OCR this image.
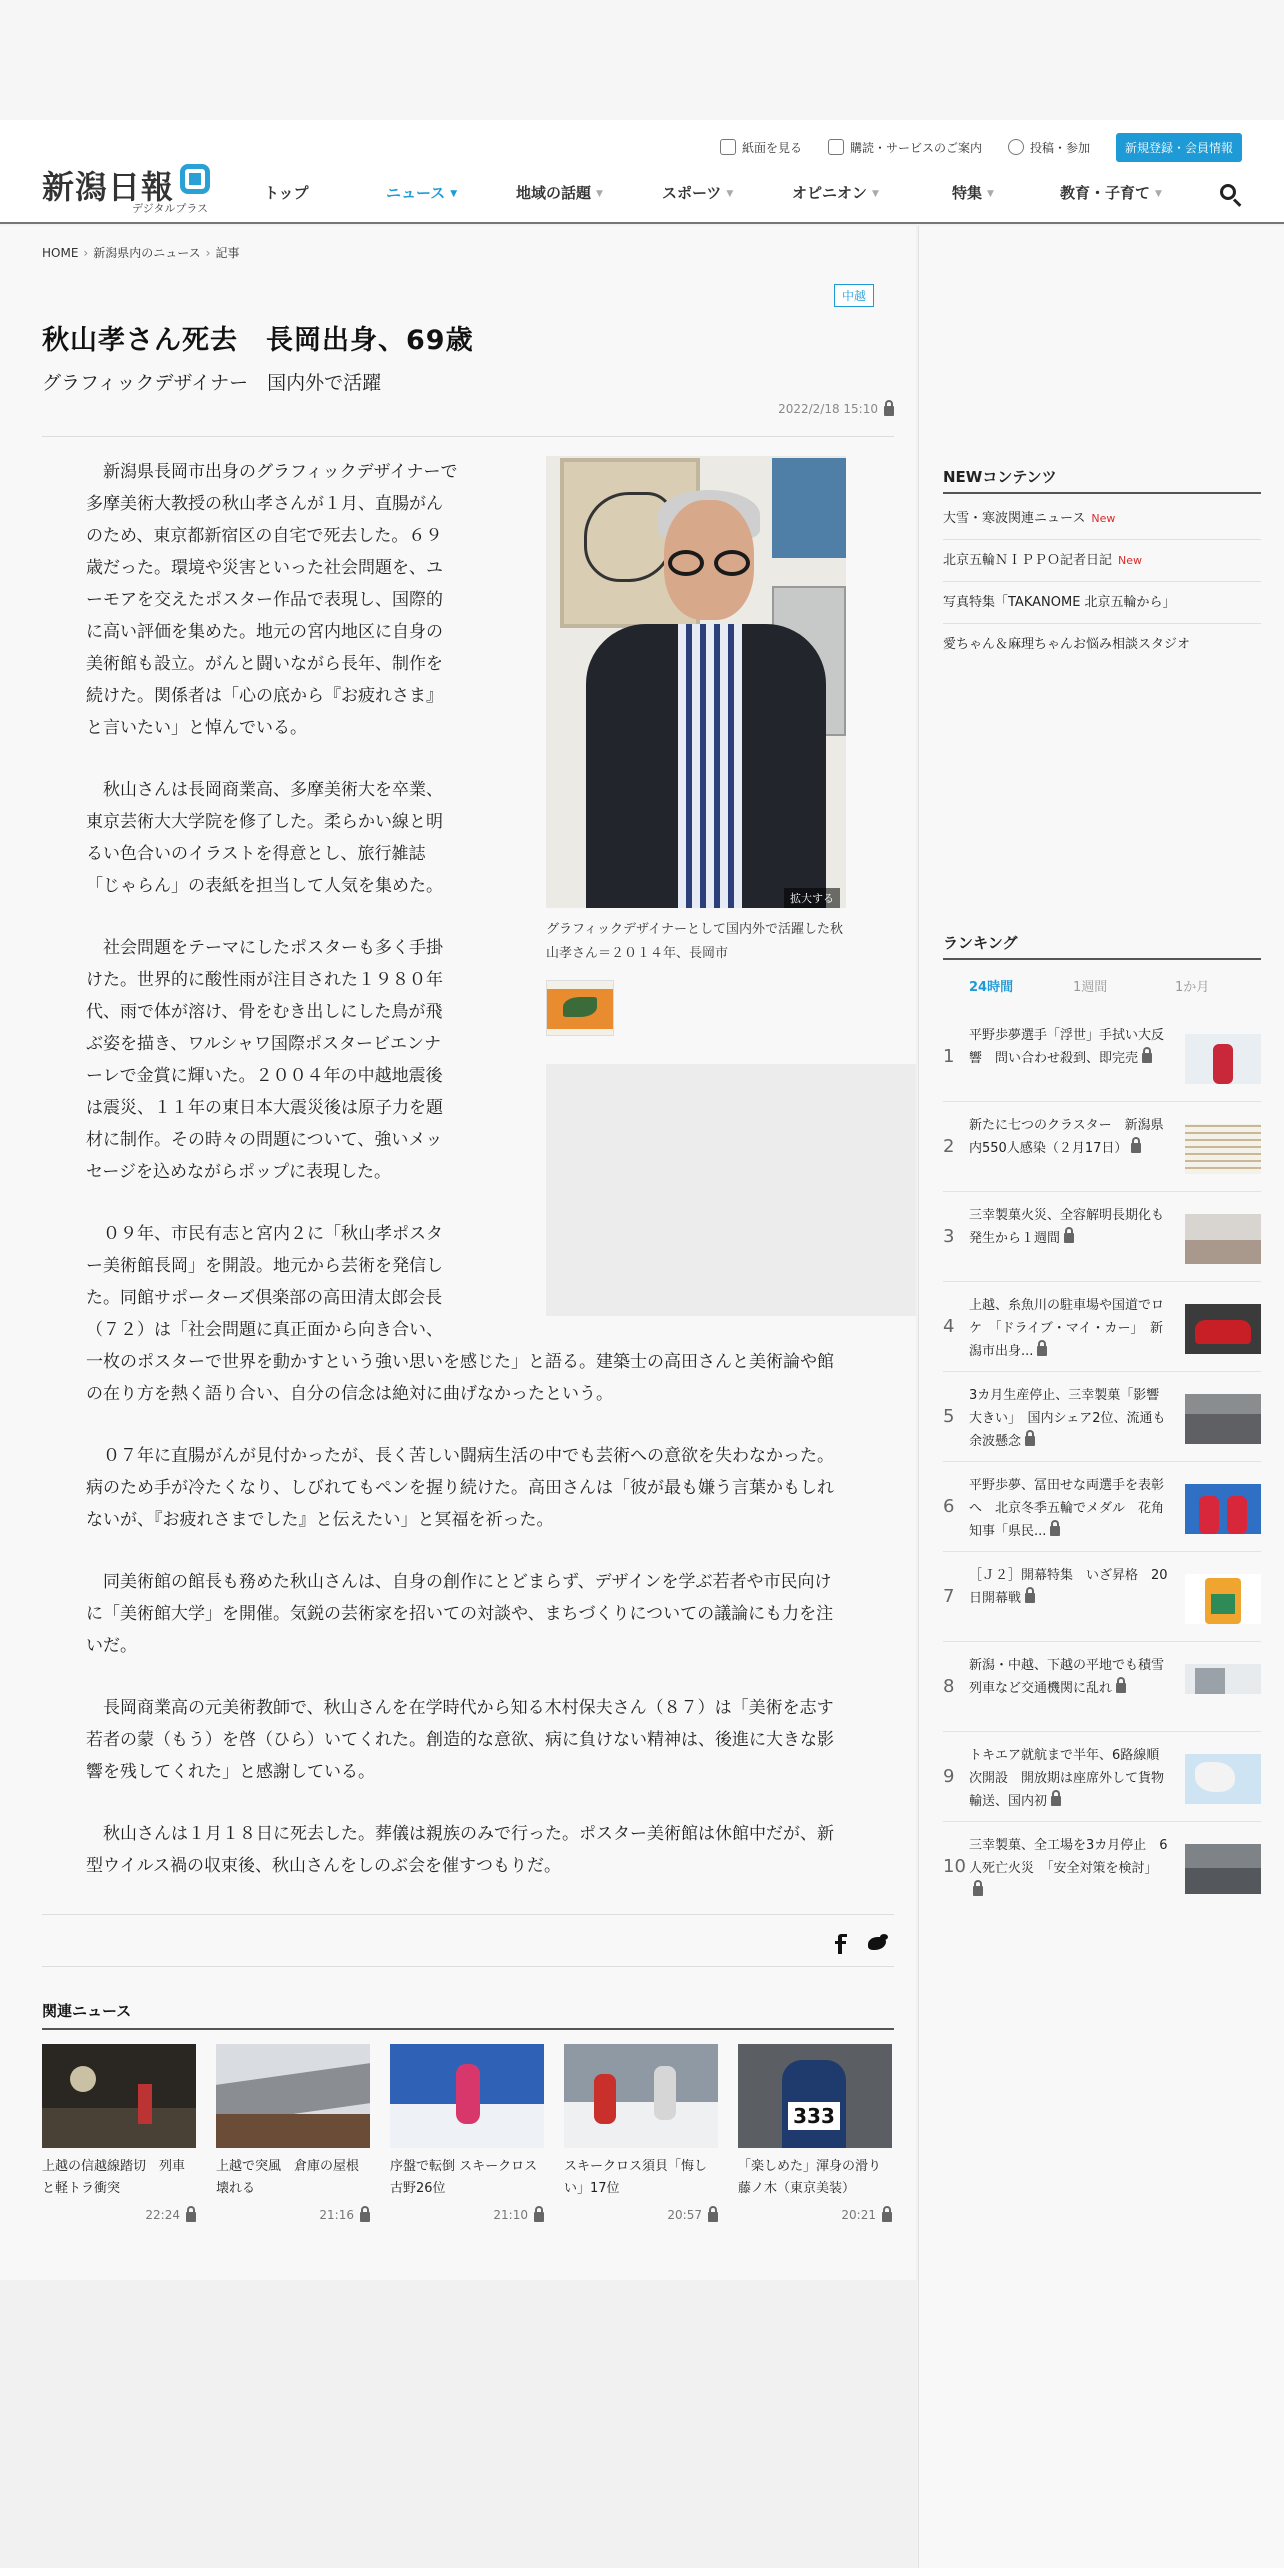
新潟日報
デジタルプラス
紙面を見る	購読・サービスのご案内	投稿・参加	新規登録・会員情報
トップ	ニュース ▼	地域の話題 ▼	スポーツ ▼	オピニオン ▼	特集 ▼	教育・子育て ▼
HOME › 新潟県内のニュース › 記事
中越
秋山孝さん死去　長岡出身、69歳
グラフィックデザイナー　国内外で活躍
2022/2/18 15:10

新潟県長岡市出身のグラフィックデザイナーで多摩美術大教授の秋山孝さんが１月、直腸がんのため、東京都新宿区の自宅で死去した。６９歳だった。環境や災害といった社会問題を、ユーモアを交えたポスター作品で表現し、国際的に高い評価を集めた。地元の宮内地区に自身の美術館も設立。がんと闘いながら長年、制作を続けた。関係者は「心の底から『お疲れさま』と言いたい」と悼んでいる。

秋山さんは長岡商業高、多摩美術大を卒業、東京芸術大大学院を修了した。柔らかい線と明るい色合いのイラストを得意とし、旅行雑誌「じゃらん」の表紙を担当して人気を集めた。

社会問題をテーマにしたポスターも多く手掛けた。世界的に酸性雨が注目された１９８０年代、雨で体が溶け、骨をむき出しにした鳥が飛ぶ姿を描き、ワルシャワ国際ポスタービエンナーレで金賞に輝いた。２００４年の中越地震後は震災、１１年の東日本大震災後は原子力を題材に制作。その時々の問題について、強いメッセージを込めながらポップに表現した。

０９年、市民有志と宮内２に「秋山孝ポスター美術館長岡」を開設。地元から芸術を発信した。同館サポーターズ倶楽部の高田清太郎会長（７２）は「社会問題に真正面から向き合い、一枚のポスターで世界を動かすという強い思いを感じた」と語る。建築士の高田さんと美術論や館の在り方を熱く語り合い、自分の信念は絶対に曲げなかったという。

０７年に直腸がんが見付かったが、長く苦しい闘病生活の中でも芸術への意欲を失わなかった。病のため手が冷たくなり、しびれてもペンを握り続けた。高田さんは「彼が最も嫌う言葉かもしれないが、『お疲れさまでした』と伝えたい」と冥福を祈った。

同美術館の館長も務めた秋山さんは、自身の創作にとどまらず、デザインを学ぶ若者や市民向けに「美術館大学」を開催。気鋭の芸術家を招いての対談や、まちづくりについての議論にも力を注いだ。

長岡商業高の元美術教師で、秋山さんを在学時代から知る木村保夫さん（８７）は「美術を志す若者の蒙（もう）を啓（ひら）いてくれた。創造的な意欲、病に負けない精神は、後進に大きな影響を残してくれた」と感謝している。

秋山さんは１月１８日に死去した。葬儀は親族のみで行った。ポスター美術館は休館中だが、新型ウイルス禍の収束後、秋山さんをしのぶ会を催すつもりだ。

拡大する
グラフィックデザイナーとして国内外で活躍した秋山孝さん＝２０１４年、長岡市
関連ニュース
上越の信越線踏切　列車と軽トラ衝突
22:24
上越で突風　倉庫の屋根壊れる
21:16
序盤で転倒 スキークロス古野26位
21:10
スキークロス須貝「悔しい」17位
20:57
333
「楽しめた」渾身の滑り藤ノ木（東京美装）
20:21
NEWコンテンツ
大雪・寒波関連ニュース New
北京五輪ＮＩＰＰＯ記者日記 New
写真特集「TAKANOME 北京五輪から」
愛ちゃん＆麻理ちゃんお悩み相談スタジオ
ランキング
24時間	1週間	1か月
1
平野歩夢選手「浮世」手拭い大反響　問い合わせ殺到、即完売
2
新たに七つのクラスター　新潟県内550人感染（２月17日）
3
三幸製菓火災、全容解明長期化も　発生から１週間
4
上越、糸魚川の駐車場や国道でロケ　「ドライブ・マイ・カー」　新潟市出身...
5
3カ月生産停止、三幸製菓「影響大きい」　国内シェア2位、流通も余波懸念
6
平野歩夢、冨田せな両選手を表彰へ　北京冬季五輪でメダル　花角知事「県民...
7
［Ｊ２］開幕特集　いざ昇格　20日開幕戦
8
新潟・中越、下越の平地でも積雪　列車など交通機関に乱れ
9
トキエア就航まで半年、6路線順次開設　開放期は座席外して貨物輸送、国内初
10
三幸製菓、全工場を3カ月停止　6人死亡火災　「安全対策を検討」
